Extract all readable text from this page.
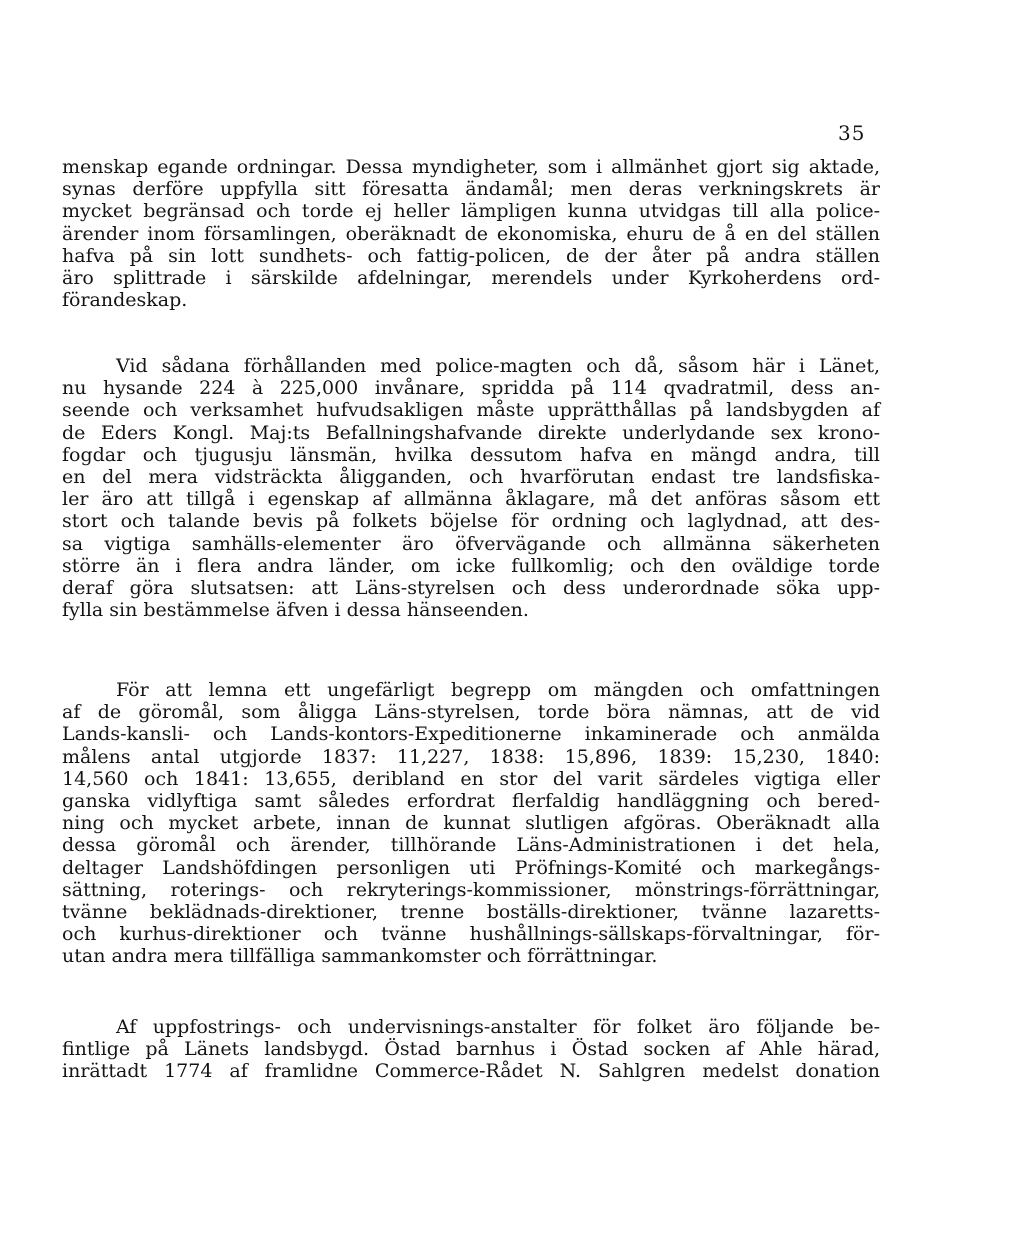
35
menskap egande ordningar. Dessa myndigheter, som i allmänhet gjort sig aktade,
synas derföre uppfylla sitt föresatta ändamål; men deras verkningskrets är
mycket begränsad och torde ej heller lämpligen kunna utvidgas till alla police-
ärender inom församlingen, oberäknadt de ekonomiska, ehuru de å en del ställen
hafva på sin lott sundhets- och fattig-policen, de der åter på andra ställen
äro splittrade i särskilde afdelningar, merendels under Kyrkoherdens ord-
förandeskap.
Vid sådana förhållanden med police-magten och då, såsom här i Länet,
nu hysande 224 à 225,000 invånare, spridda på 114 qvadratmil, dess an-
seende och verksamhet hufvudsakligen måste upprätthållas på landsbygden af
de Eders Kongl. Maj:ts Befallningshafvande direkte underlydande sex krono-
fogdar och tjugusju länsmän, hvilka dessutom hafva en mängd andra, till
en del mera vidsträckta åligganden, och hvarförutan endast tre landsfiska-
ler äro att tillgå i egenskap af allmänna åklagare, må det anföras såsom ett
stort och talande bevis på folkets böjelse för ordning och laglydnad, att des-
sa vigtiga samhälls-elementer äro öfvervägande och allmänna säkerheten
större än i flera andra länder, om icke fullkomlig; och den oväldige torde
deraf göra slutsatsen: att Läns-styrelsen och dess underordnade söka upp-
fylla sin bestämmelse äfven i dessa hänseenden.
För att lemna ett ungefärligt begrepp om mängden och omfattningen
af de göromål, som åligga Läns-styrelsen, torde böra nämnas, att de vid
Lands-kansli- och Lands-kontors-Expeditionerne inkaminerade och anmälda
målens antal utgjorde 1837: 11,227, 1838: 15,896, 1839: 15,230, 1840:
14,560 och 1841: 13,655, deribland en stor del varit särdeles vigtiga eller
ganska vidlyftiga samt således erfordrat flerfaldig handläggning och bered-
ning och mycket arbete, innan de kunnat slutligen afgöras. Oberäknadt alla
dessa göromål och ärender, tillhörande Läns-Administrationen i det hela,
deltager Landshöfdingen personligen uti Pröfnings-Komité och markegångs-
sättning, roterings- och rekryterings-kommissioner, mönstrings-förrättningar,
tvänne beklädnads-direktioner, trenne boställs-direktioner, tvänne lazaretts-
och kurhus-direktioner och tvänne hushållnings-sällskaps-förvaltningar, för-
utan andra mera tillfälliga sammankomster och förrättningar.
Af uppfostrings- och undervisnings-anstalter för folket äro följande be-
fintlige på Länets landsbygd. Östad barnhus i Östad socken af Ahle härad,
inrättadt 1774 af framlidne Commerce-Rådet N. Sahlgren medelst donation
